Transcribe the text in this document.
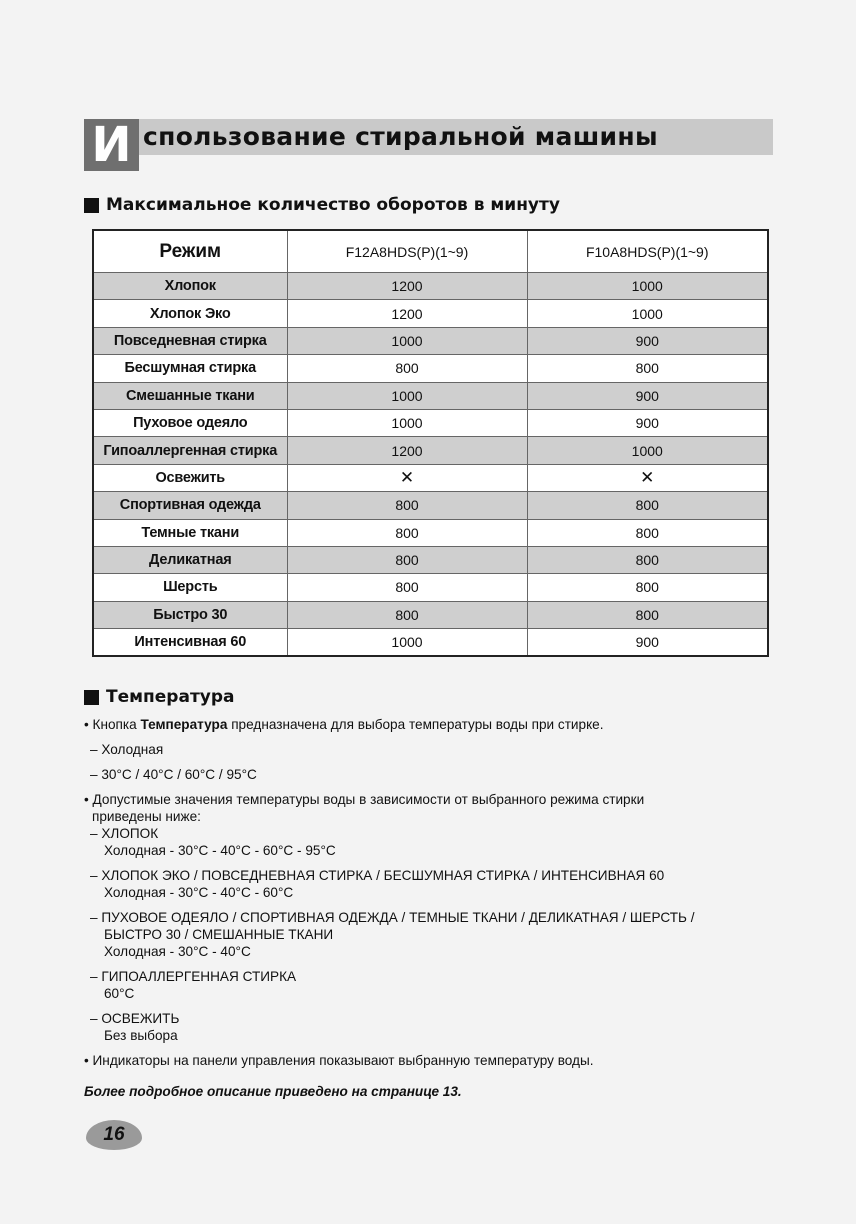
И спользование стиральной машины
Максимальное количество оборотов в минуту
Режим	F12A8HDS(P)(1~9)	F10A8HDS(P)(1~9)
Хлопок	1200	1000
Хлопок Эко	1200	1000
Повседневная стирка	1000	900
Бесшумная стирка	800	800
Смешанные ткани	1000	900
Пуховое одеяло	1000	900
Гипоаллергенная стирка	1200	1000
Освежить	✕	✕
Спортивная одежда	800	800
Темные ткани	800	800
Деликатная	800	800
Шерсть	800	800
Быстро 30	800	800
Интенсивная 60	1000	900
Температура

• Кнопка Температура предназначена для выбора температуры воды при стирке.

– Холодная

– 30°C / 40°C / 60°C / 95°C

• Допустимые значения температуры воды в зависимости от выбранного режима стирки

приведены ниже:

– ХЛОПОК

Холодная - 30°C - 40°C - 60°C - 95°C

– ХЛОПОК ЭКО / ПОВСЕДНЕВНАЯ СТИРКА / БЕСШУМНАЯ СТИРКА / ИНТЕНСИВНАЯ 60

Холодная - 30°C - 40°C - 60°C

– ПУХОВОЕ ОДЕЯЛО / СПОРТИВНАЯ ОДЕЖДА / ТЕМНЫЕ ТКАНИ / ДЕЛИКАТНАЯ / ШЕРСТЬ /

БЫСТРО 30 / СМЕШАННЫЕ ТКАНИ

Холодная - 30°C - 40°C

– ГИПОАЛЛЕРГЕННАЯ СТИРКА

60°C

– ОСВЕЖИТЬ

Без выбора

• Индикаторы на панели управления показывают выбранную температуру воды.

Более подробное описание приведено на странице 13.
16
